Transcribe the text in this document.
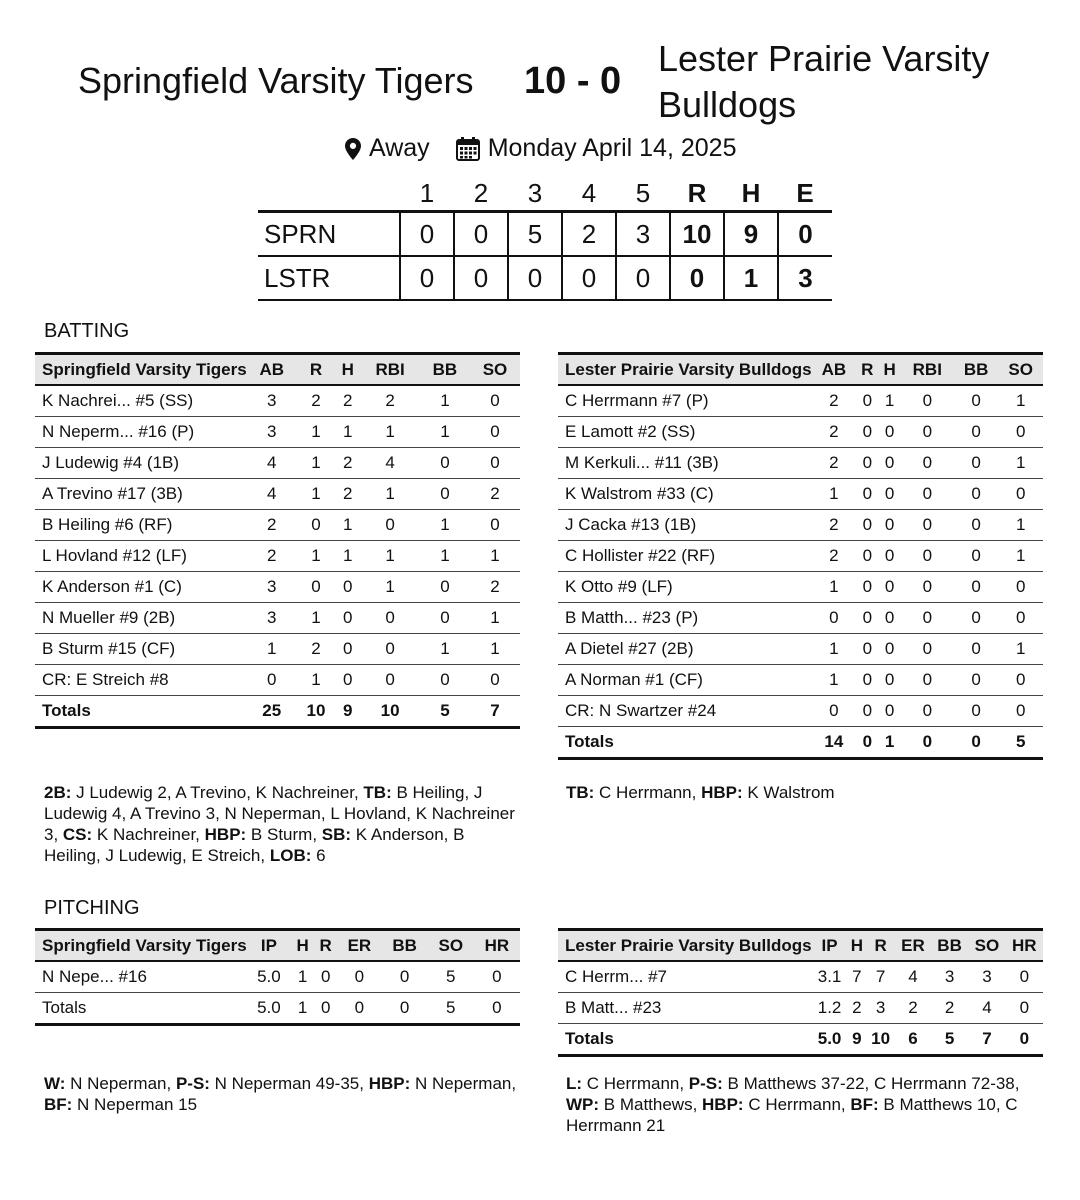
Springfield Varsity Tigers 10 - 0
Lester Prairie Varsity Bulldogs
Away Monday April 14, 2025
	1	2	3	4	5	R	H	E
SPRN	0	0	5	2	3	10	9	0
LSTR	0	0	0	0	0	0	1	3
BATTING
Springfield Varsity Tigers	AB	R	H	RBI	BB	SO
K Nachrei... #5 (SS)	3	2	2	2	1	0
N Neperm... #16 (P)	3	1	1	1	1	0
J Ludewig #4 (1B)	4	1	2	4	0	0
A Trevino #17 (3B)	4	1	2	1	0	2
B Heiling #6 (RF)	2	0	1	0	1	0
L Hovland #12 (LF)	2	1	1	1	1	1
K Anderson #1 (C)	3	0	0	1	0	2
N Mueller #9 (2B)	3	1	0	0	0	1
B Sturm #15 (CF)	1	2	0	0	1	1
CR: E Streich #8	0	1	0	0	0	0
Totals	25	10	9	10	5	7
Lester Prairie Varsity Bulldogs	AB	R	H	RBI	BB	SO
C Herrmann #7 (P)	2	0	1	0	0	1
E Lamott #2 (SS)	2	0	0	0	0	0
M Kerkuli... #11 (3B)	2	0	0	0	0	1
K Walstrom #33 (C)	1	0	0	0	0	0
J Cacka #13 (1B)	2	0	0	0	0	1
C Hollister #22 (RF)	2	0	0	0	0	1
K Otto #9 (LF)	1	0	0	0	0	0
B Matth... #23 (P)	0	0	0	0	0	0
A Dietel #27 (2B)	1	0	0	0	0	1
A Norman #1 (CF)	1	0	0	0	0	0
CR: N Swartzer #24	0	0	0	0	0	0
Totals	14	0	1	0	0	5
2B: J Ludewig 2, A Trevino, K Nachreiner, TB: B Heiling, J Ludewig 4, A Trevino 3, N Neperman, L Hovland, K Nachreiner 3, CS: K Nachreiner, HBP: B Sturm, SB: K Anderson, B Heiling, J Ludewig, E Streich, LOB: 6
TB: C Herrmann, HBP: K Walstrom
PITCHING
Springfield Varsity Tigers	IP	H	R	ER	BB	SO	HR
N Nepe... #16	5.0	1	0	0	0	5	0
Totals	5.0	1	0	0	0	5	0
Lester Prairie Varsity Bulldogs	IP	H	R	ER	BB	SO	HR
C Herrm... #7	3.1	7	7	4	3	3	0
B Matt... #23	1.2	2	3	2	2	4	0
Totals	5.0	9	10	6	5	7	0
W: N Neperman, P-S: N Neperman 49-35, HBP: N Neperman, BF: N Neperman 15
L: C Herrmann, P-S: B Matthews 37-22, C Herrmann 72-38, WP: B Matthews, HBP: C Herrmann, BF: B Matthews 10, C Herrmann 21
